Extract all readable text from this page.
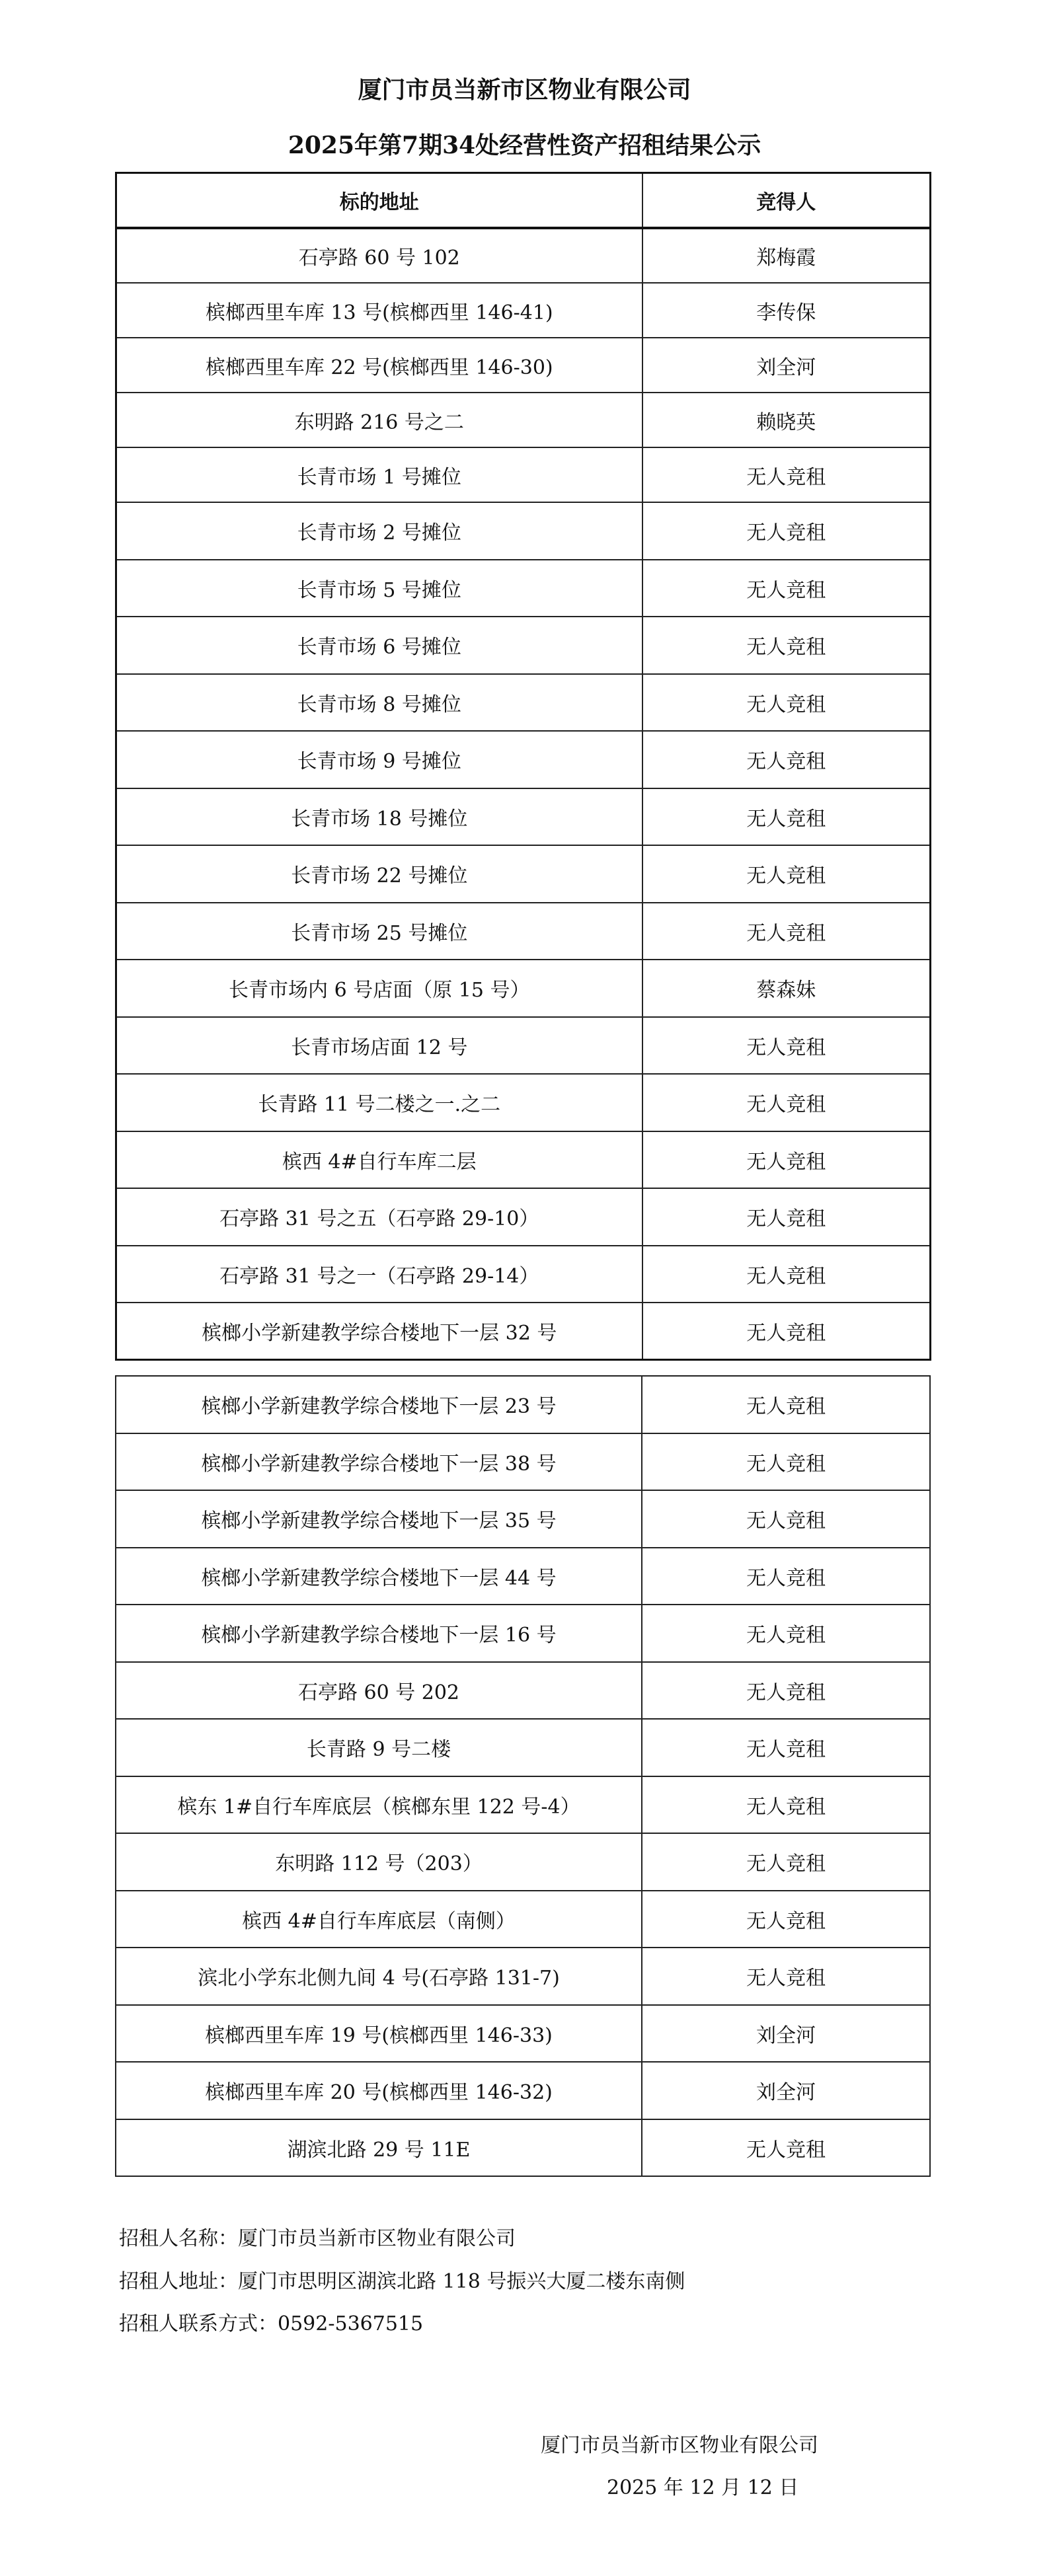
厦门市员当新市区物业有限公司
2025年第7期34处经营性资产招租结果公示
标的地址	竞得人
石亭路 60 号 102	郑梅霞
槟榔西里车库 13 号(槟榔西里 146-41)	李传保
槟榔西里车库 22 号(槟榔西里 146-30)	刘全河
东明路 216 号之二	赖晓英
长青市场 1 号摊位	无人竞租
长青市场 2 号摊位	无人竞租
长青市场 5 号摊位	无人竞租
长青市场 6 号摊位	无人竞租
长青市场 8 号摊位	无人竞租
长青市场 9 号摊位	无人竞租
长青市场 18 号摊位	无人竞租
长青市场 22 号摊位	无人竞租
长青市场 25 号摊位	无人竞租
长青市场内 6 号店面（原 15 号）	蔡森妹
长青市场店面 12 号	无人竞租
长青路 11 号二楼之一.之二	无人竞租
槟西 4#自行车库二层	无人竞租
石亭路 31 号之五（石亭路 29-10）	无人竞租
石亭路 31 号之一（石亭路 29-14）	无人竞租
槟榔小学新建教学综合楼地下一层 32 号	无人竞租
槟榔小学新建教学综合楼地下一层 23 号	无人竞租
槟榔小学新建教学综合楼地下一层 38 号	无人竞租
槟榔小学新建教学综合楼地下一层 35 号	无人竞租
槟榔小学新建教学综合楼地下一层 44 号	无人竞租
槟榔小学新建教学综合楼地下一层 16 号	无人竞租
石亭路 60 号 202	无人竞租
长青路 9 号二楼	无人竞租
槟东 1#自行车库底层（槟榔东里 122 号-4）	无人竞租
东明路 112 号（203）	无人竞租
槟西 4#自行车库底层（南侧）	无人竞租
滨北小学东北侧九间 4 号(石亭路 131-7)	无人竞租
槟榔西里车库 19 号(槟榔西里 146-33)	刘全河
槟榔西里车库 20 号(槟榔西里 146-32)	刘全河
湖滨北路 29 号 11E	无人竞租
招租人名称：厦门市员当新市区物业有限公司
招租人地址：厦门市思明区湖滨北路 118 号振兴大厦二楼东南侧
招租人联系方式：0592-5367515
厦门市员当新市区物业有限公司
2025 年 12 月 12 日
